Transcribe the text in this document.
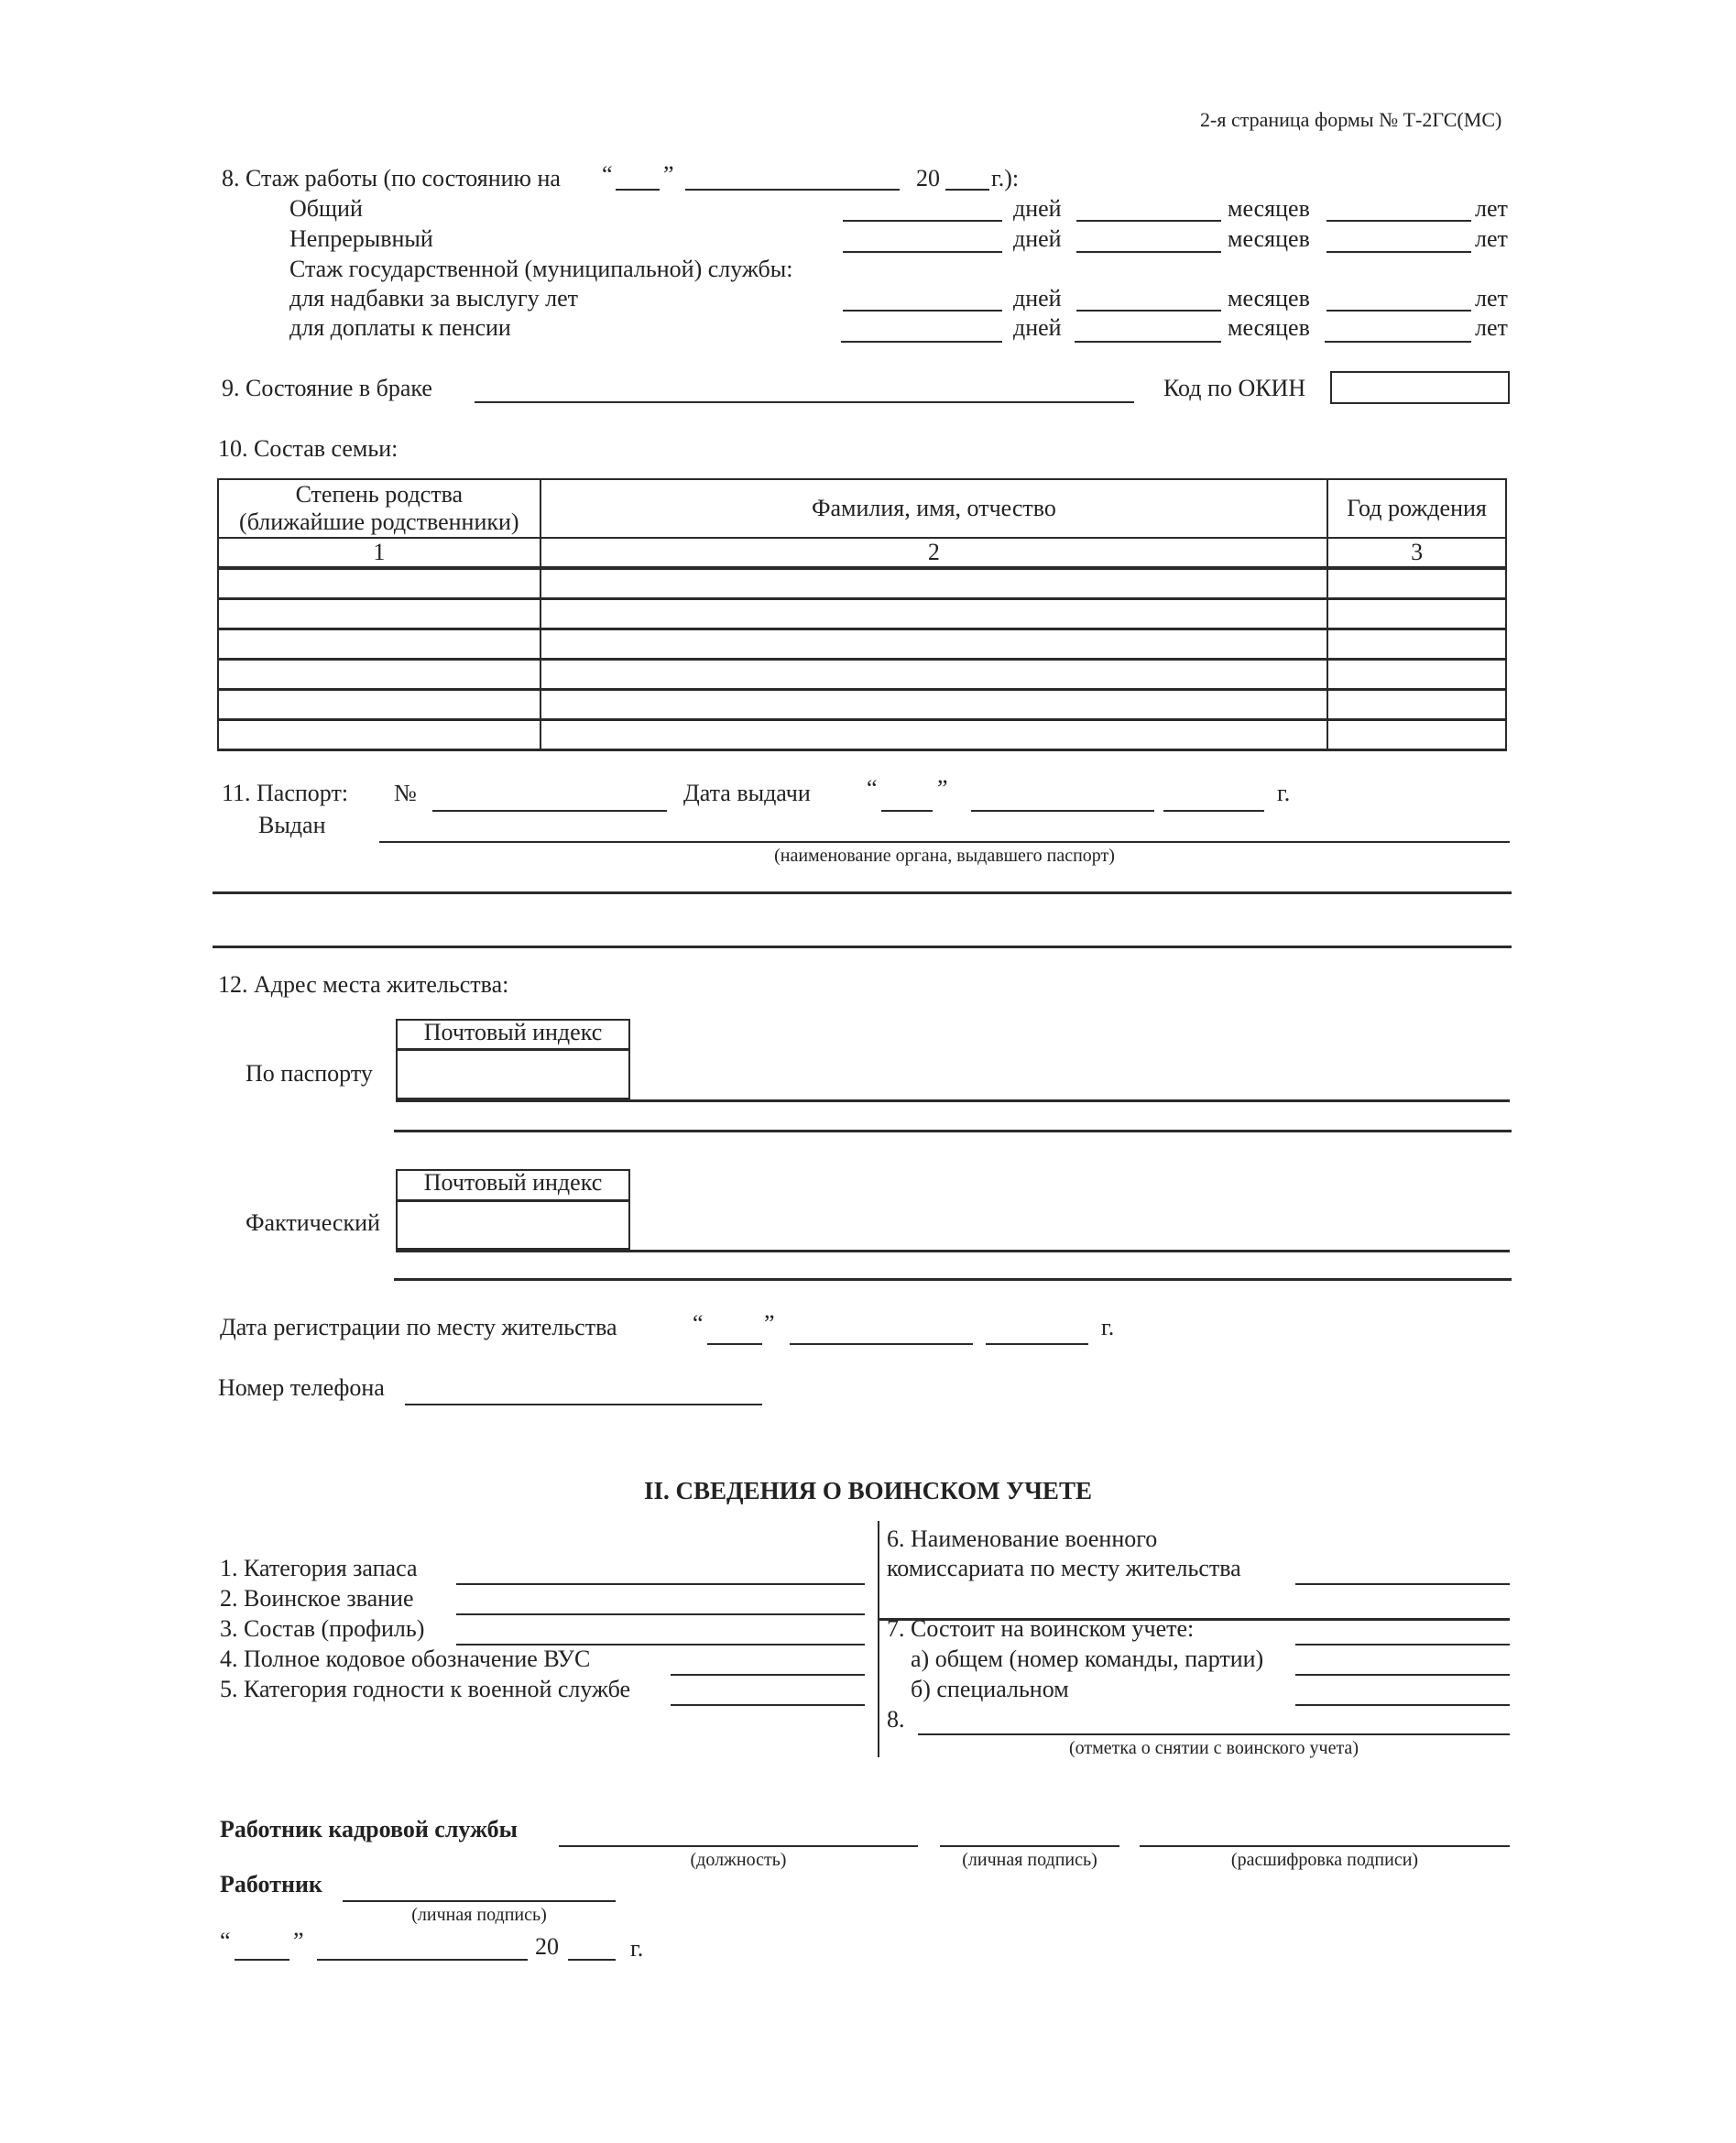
2-я страница формы № Т-2ГС(МС)
8. Стаж работы (по состоянию на “ ”	20 г.):
Общий	дней	месяцев	лет
Непрерывный	дней	месяцев	лет
Стаж государственной (муниципальной) службы:
для надбавки за выслугу лет	дней	месяцев	лет
для доплаты к пенсии	дней	месяцев	лет
9. Состояние в браке	Код по ОКИН
10. Состав семьи:
Степень родства
(ближайшие родственники)	Фамилия, имя, отчество	Год рождения
1	2	3

11. Паспорт: №	Дата выдачи “	”	г.
Выдан
(наименование органа, выдавшего паспорт)
12. Адрес места жительства:
Почтовый индекс
По паспорту
Почтовый индекс
Фактический
Дата регистрации по месту жительства	“	”	г.
Номер телефона
II. СВЕДЕНИЯ О ВОИНСКОМ УЧЕТЕ
1. Категория запаса
2. Воинское звание
3. Состав (профиль)
4. Полное кодовое обозначение ВУС
5. Категория годности к военной службе
6. Наименование военного
комиссариата по месту жительства
7. Состоит на воинском учете:
а) общем (номер команды, партии)
б) специальном
8.
(отметка о снятии с воинского учета)
Работник кадровой службы
(должность)	(личная подпись)	(расшифровка подписи)
Работник
(личная подпись)
“	”	20	г.
